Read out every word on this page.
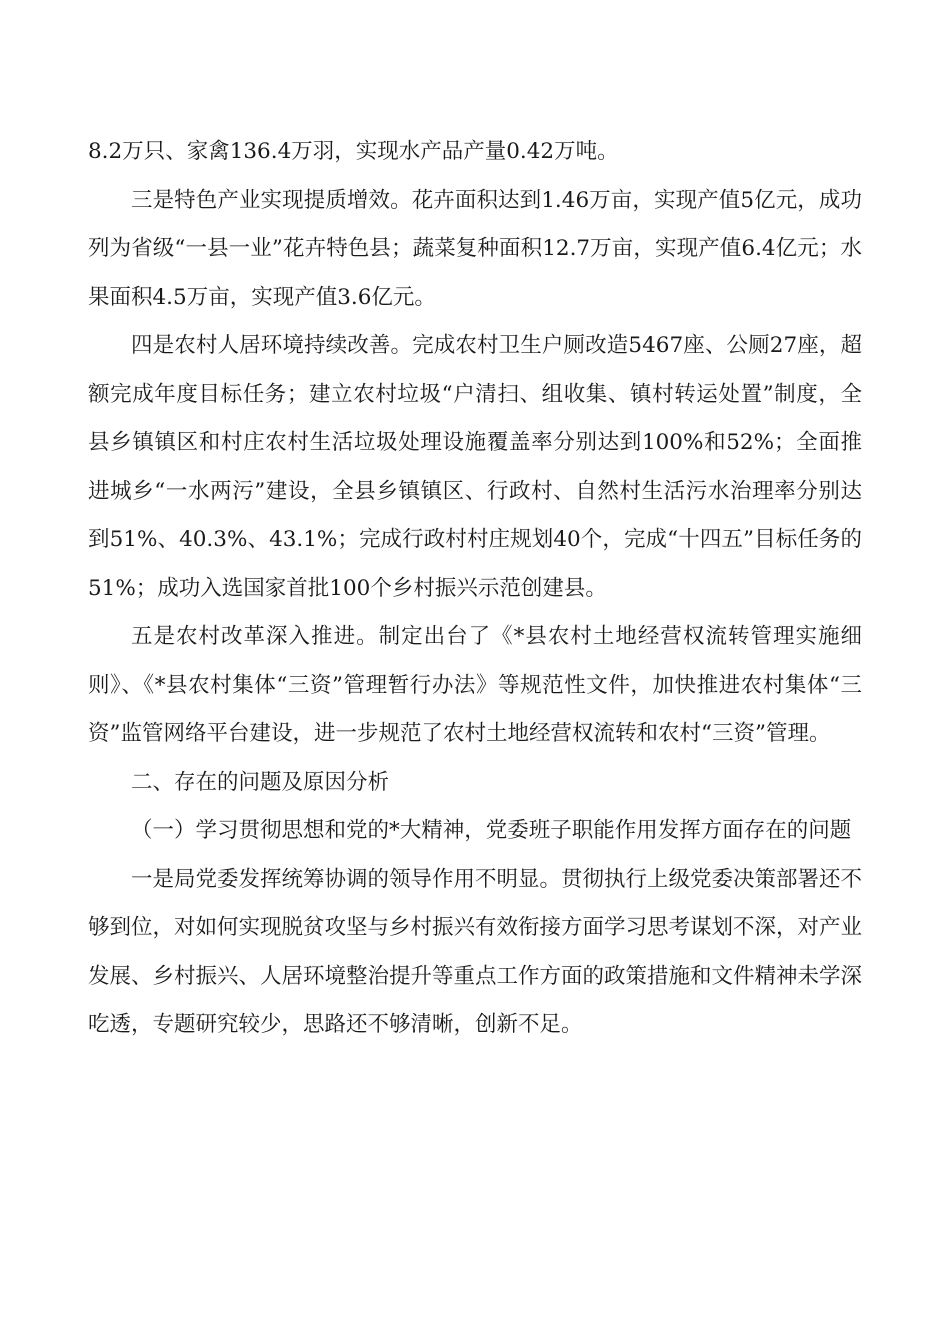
8.2万只、家禽136.4万羽，实现水产品产量0.42万吨。

三是特色产业实现提质增效。花卉面积达到1.46万亩，实现产值5亿元，成功列为省级“一县一业”花卉特色县；蔬菜复种面积12.7万亩，实现产值6.4亿元；水果面积4.5万亩，实现产值3.6亿元。

四是农村人居环境持续改善。完成农村卫生户厕改造5467座、公厕27座，超额完成年度目标任务；建立农村垃圾“户清扫、组收集、镇村转运处置”制度，全县乡镇镇区和村庄农村生活垃圾处理设施覆盖率分别达到100%和52%；全面推进城乡“一水两污”建设，全县乡镇镇区、行政村、自然村生活污水治理率分别达到51%、40.3%、43.1%；完成行政村村庄规划40个，完成“十四五”目标任务的51%；成功入选国家首批100个乡村振兴示范创建县。

五是农村改革深入推进。制定出台了《*县农村土地经营权流转管理实施细则》、《*县农村集体“三资”管理暂行办法》等规范性文件，加快推进农村集体“三资”监管网络平台建设，进一步规范了农村土地经营权流转和农村“三资”管理。

二、存在的问题及原因分析

（一）学习贯彻思想和党的*大精神，党委班子职能作用发挥方面存在的问题

一是局党委发挥统筹协调的领导作用不明显。贯彻执行上级党委决策部署还不够到位，对如何实现脱贫攻坚与乡村振兴有效衔接方面学习思考谋划不深，对产业发展、乡村振兴、人居环境整治提升等重点工作方面的政策措施和文件精神未学深吃透，专题研究较少，思路还不够清晰，创新不足。
